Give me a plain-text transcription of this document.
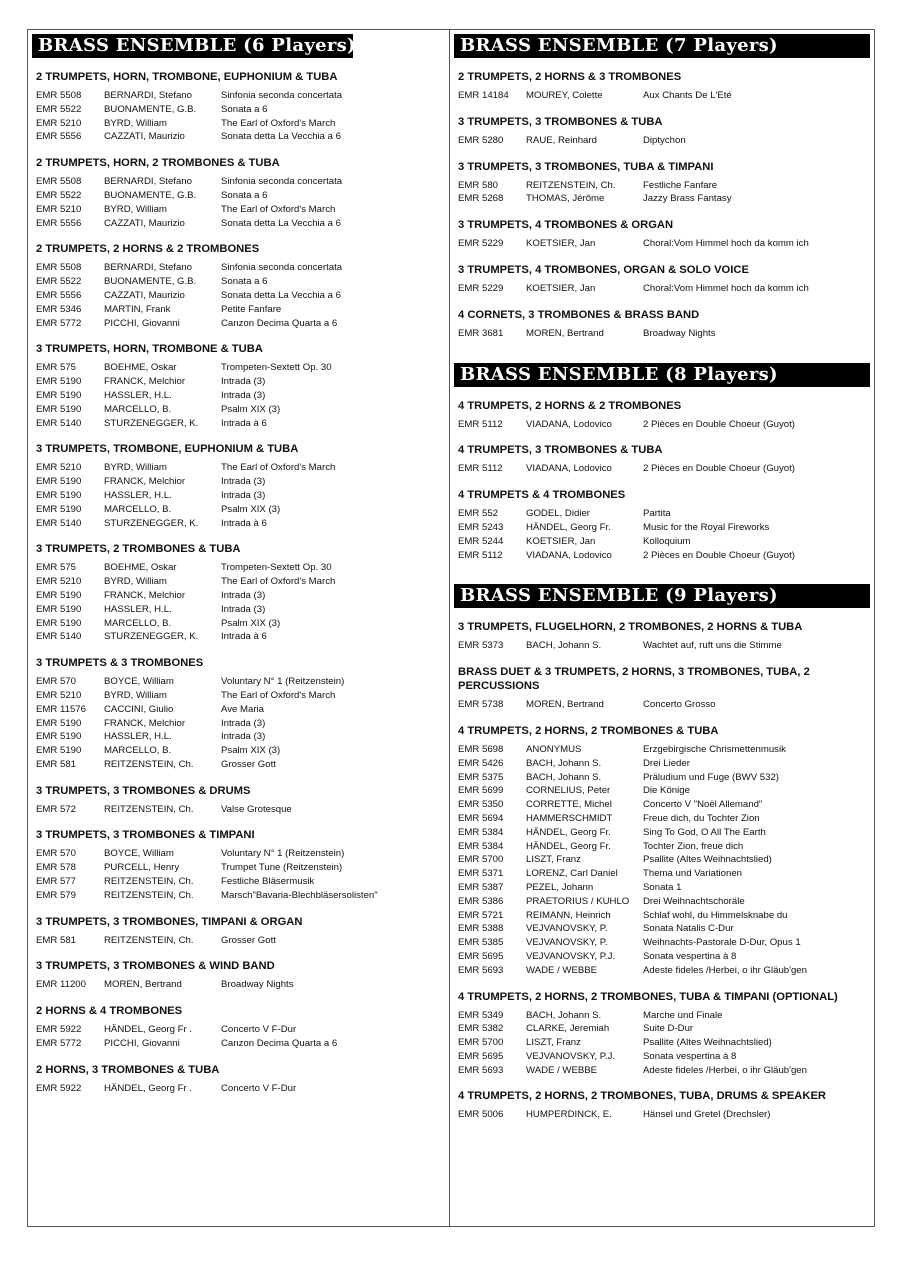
BRASS ENSEMBLE (6 Players)
2 TRUMPETS, HORN, TROMBONE, EUPHONIUM & TUBA
EMR 5508 BERNARDI, Stefano	Sinfonia seconda concertata
EMR 5522 BUONAMENTE, G.B.	Sonata a 6
EMR 5210 BYRD, William	The Earl of Oxford's March
EMR 5556 CAZZATI, Maurizio	Sonata detta La Vecchia a 6
2 TRUMPETS, HORN, 2 TROMBONES & TUBA
EMR 5508 BERNARDI, Stefano	Sinfonia seconda concertata
EMR 5522 BUONAMENTE, G.B.	Sonata a 6
EMR 5210 BYRD, William	The Earl of Oxford's March
EMR 5556 CAZZATI, Maurizio	Sonata detta La Vecchia a 6
2 TRUMPETS, 2 HORNS & 2 TROMBONES
EMR 5508 BERNARDI, Stefano	Sinfonia seconda concertata
EMR 5522 BUONAMENTE, G.B.	Sonata a 6
EMR 5556 CAZZATI, Maurizio	Sonata detta La Vecchia a 6
EMR 5346 MARTIN, Frank	Petite Fanfare
EMR 5772 PICCHI, Giovanni	Canzon Decima Quarta a 6
3 TRUMPETS, HORN, TROMBONE & TUBA
EMR 575	BOEHME, Oskar	Trompeten-Sextett Op. 30
EMR 5190 FRANCK, Melchior	Intrada (3)
EMR 5190 HASSLER, H.L.	Intrada (3)
EMR 5190 MARCELLO, B.	Psalm XIX (3)
EMR 5140 STURZENEGGER, K. Intrada à 6
3 TRUMPETS, TROMBONE, EUPHONIUM & TUBA
EMR 5210 BYRD, William	The Earl of Oxford's March
EMR 5190 FRANCK, Melchior	Intrada (3)
EMR 5190 HASSLER, H.L.	Intrada (3)
EMR 5190 MARCELLO, B.	Psalm XIX (3)
EMR 5140 STURZENEGGER, K. Intrada à 6
3 TRUMPETS, 2 TROMBONES & TUBA
EMR 575	BOEHME, Oskar	Trompeten-Sextett Op. 30
EMR 5210 BYRD, William	The Earl of Oxford's March
EMR 5190 FRANCK, Melchior	Intrada (3)
EMR 5190 HASSLER, H.L.	Intrada (3)
EMR 5190 MARCELLO, B.	Psalm XIX (3)
EMR 5140 STURZENEGGER, K. Intrada à 6
3 TRUMPETS & 3 TROMBONES
EMR 570	BOYCE, William	Voluntary N° 1 (Reitzenstein)
EMR 5210 BYRD, William	The Earl of Oxford's March
EMR 11576 CACCINI, Giulio	Ave Maria
EMR 5190 FRANCK, Melchior	Intrada (3)
EMR 5190 HASSLER, H.L.	Intrada (3)
EMR 5190 MARCELLO, B.	Psalm XIX (3)
EMR 581	REITZENSTEIN, Ch.	Grosser Gott
3 TRUMPETS, 3 TROMBONES & DRUMS
EMR 572	REITZENSTEIN, Ch.	Valse Grotesque
3 TRUMPETS, 3 TROMBONES & TIMPANI
EMR 570	BOYCE, William	Voluntary N° 1 (Reitzenstein)
EMR 578	PURCELL, Henry	Trumpet Tune (Reitzenstein)
EMR 577	REITZENSTEIN, Ch.	Festliche Bläsermusik
EMR 579	REITZENSTEIN, Ch.	Marsch"Bavaria-Blechbläsersolisten"
3 TRUMPETS, 3 TROMBONES, TIMPANI & ORGAN
EMR 581	REITZENSTEIN, Ch.	Grosser Gott
3 TRUMPETS, 3 TROMBONES & WIND BAND
EMR 11200 MOREN, Bertrand	Broadway Nights
2 HORNS & 4 TROMBONES
EMR 5922 HÄNDEL, Georg Fr .	Concerto V F-Dur
EMR 5772 PICCHI, Giovanni	Canzon Decima Quarta a 6
2 HORNS, 3 TROMBONES & TUBA
EMR 5922 HÄNDEL, Georg Fr .	Concerto V F-Dur
BRASS ENSEMBLE (7 Players)
2 TRUMPETS, 2 HORNS & 3 TROMBONES
EMR 14184 MOUREY, Colette	Aux Chants De L'Eté
3 TRUMPETS, 3 TROMBONES & TUBA
EMR 5280 RAUE, Reinhard	Diptychon
3 TRUMPETS, 3 TROMBONES, TUBA & TIMPANI
EMR 580	REITZENSTEIN, Ch.	Festliche Fanfare
EMR 5268 THOMAS, Jérôme	Jazzy Brass Fantasy
3 TRUMPETS, 4 TROMBONES & ORGAN
EMR 5229 KOETSIER, Jan	Choral:Vom Himmel hoch da komm ich
3 TRUMPETS, 4 TROMBONES, ORGAN & SOLO VOICE
EMR 5229 KOETSIER, Jan	Choral:Vom Himmel hoch da komm ich
4 CORNETS, 3 TROMBONES & BRASS BAND
EMR 3681 MOREN, Bertrand	Broadway Nights
BRASS ENSEMBLE (8 Players)
4 TRUMPETS, 2 HORNS & 2 TROMBONES
EMR 5112 VIADANA, Lodovico	2 Pièces en Double Choeur (Guyot)
4 TRUMPETS, 3 TROMBONES & TUBA
EMR 5112 VIADANA, Lodovico	2 Pièces en Double Choeur (Guyot)
4 TRUMPETS & 4 TROMBONES
EMR 552	GODEL, Didier	Partita
EMR 5243 HÄNDEL, Georg Fr.	Music for the Royal Fireworks
EMR 5244 KOETSIER, Jan	Kolloquium
EMR 5112 VIADANA, Lodovico	2 Pièces en Double Choeur (Guyot)
BRASS ENSEMBLE (9 Players)
3 TRUMPETS, FLUGELHORN, 2 TROMBONES, 2 HORNS & TUBA
EMR 5373 BACH, Johann S.	Wachtet auf, ruft uns die Stimme
BRASS DUET & 3 TRUMPETS, 2 HORNS, 3 TROMBONES, TUBA, 2 PERCUSSIONS
EMR 5738 MOREN, Bertrand	Concerto Grosso
4 TRUMPETS, 2 HORNS, 2 TROMBONES & TUBA
EMR 5698 ANONYMUS	Erzgebirgische Chrismettenmusik
EMR 5426 BACH, Johann S.	Drei Lieder
EMR 5375 BACH, Johann S.	Präludium und Fuge (BWV 532)
EMR 5699 CORNELIUS, Peter	Die Könige
EMR 5350 CORRETTE, Michel	Concerto V "Noël Allemand"
EMR 5694 HAMMERSCHMIDT	Freue dich, du Tochter Zion
EMR 5384 HÄNDEL, Georg Fr.	Sing To God, O All The Earth
EMR 5384 HÄNDEL, Georg Fr.	Tochter Zion, freue dich
EMR 5700 LISZT, Franz	Psallite (Altes Weihnachtslied)
EMR 5371 LORENZ, Carl Daniel	Thema und Variationen
EMR 5387 PEZEL, Johann	Sonata 1
EMR 5386 PRAETORIUS / KUHLO Drei Weihnachtschoräle
EMR 5721 REIMANN, Heinrich	Schlaf wohl, du Himmelsknabe du
EMR 5388 VEJVANOVSKY, P.	Sonata Natalis C-Dur
EMR 5385 VEJVANOVSKY, P.	Weihnachts-Pastorale D-Dur, Opus 1
EMR 5695 VEJVANOVSKY, P.J.	Sonata vespertina à 8
EMR 5693 WADE / WEBBE	Adeste fideles /Herbei, o ihr Gläub'gen
4 TRUMPETS, 2 HORNS, 2 TROMBONES, TUBA & TIMPANI (OPTIONAL)
EMR 5349 BACH, Johann S.	Marche und Finale
EMR 5382 CLARKE, Jeremiah	Suite D-Dur
EMR 5700 LISZT, Franz	Psallite (Altes Weihnachtslied)
EMR 5695 VEJVANOVSKY, P.J.	Sonata vespertina à 8
EMR 5693 WADE / WEBBE	Adeste fideles /Herbei, o ihr Gläub'gen
4 TRUMPETS, 2 HORNS, 2 TROMBONES, TUBA, DRUMS & SPEAKER
EMR 5006 HUMPERDINCK, E.	Hänsel und Gretel (Drechsler)
